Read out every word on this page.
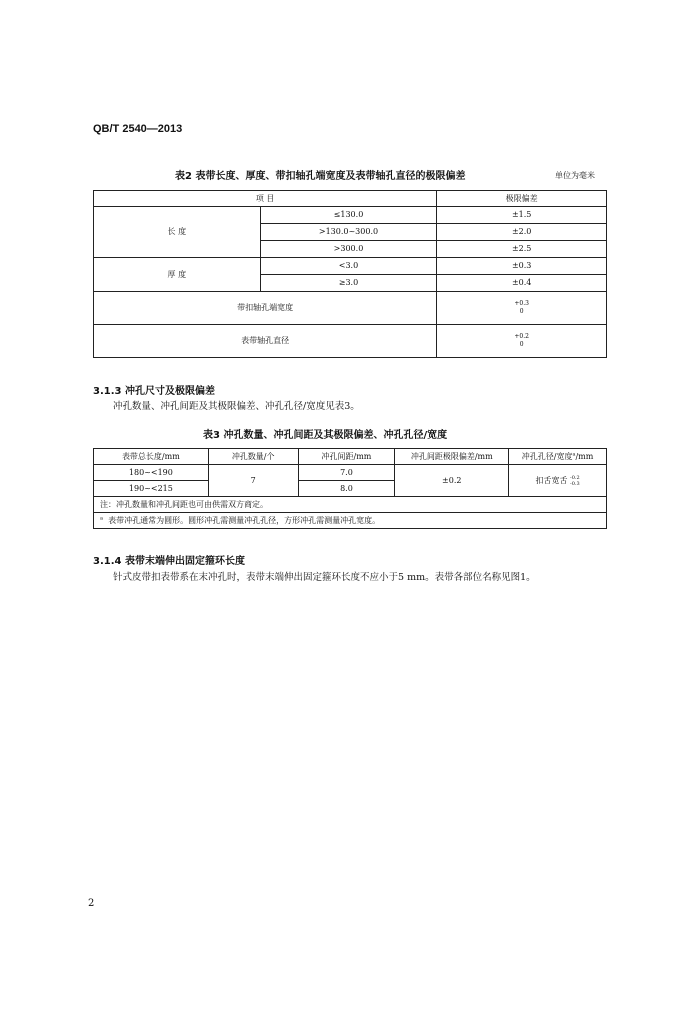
QB/T 2540—2013
表2 表带长度、厚度、带扣轴孔端宽度及表带轴孔直径的极限偏差	单位为毫米
项 目		极限偏差
长 度	≤130.0	±1.5
	>130.0~300.0	±2.0
	>300.0	±2.5
厚 度	<3.0	±0.3
	≥3.0	±0.4
带扣轴孔端宽度		+0.3
0

表带轴孔直径		+0.2
0
3.1.3 冲孔尺寸及极限偏差
冲孔数量、冲孔间距及其极限偏差、冲孔孔径/宽度见表3。
表3 冲孔数量、冲孔间距及其极限偏差、冲孔孔径/宽度
表带总长度/mm	冲孔数量/个	冲孔间距/mm	冲孔间距极限偏差/mm	冲孔孔径/宽度$^a$/mm
180~<190	7	7.0	±0.2	扣舌宽舌 -0.2
-0.3
190~<215		8.0		
注：冲孔数量和冲孔间距也可由供需双方商定。				
$^a$ 表带冲孔通常为圆形。圆形冲孔需测量冲孔孔径，方形冲孔需测量冲孔宽度。				
3.1.4 表带末端伸出固定箍环长度
针式皮带扣表带系在末冲孔时，表带末端伸出固定箍环长度不应小于5 mm。表带各部位名称见图1。
2
